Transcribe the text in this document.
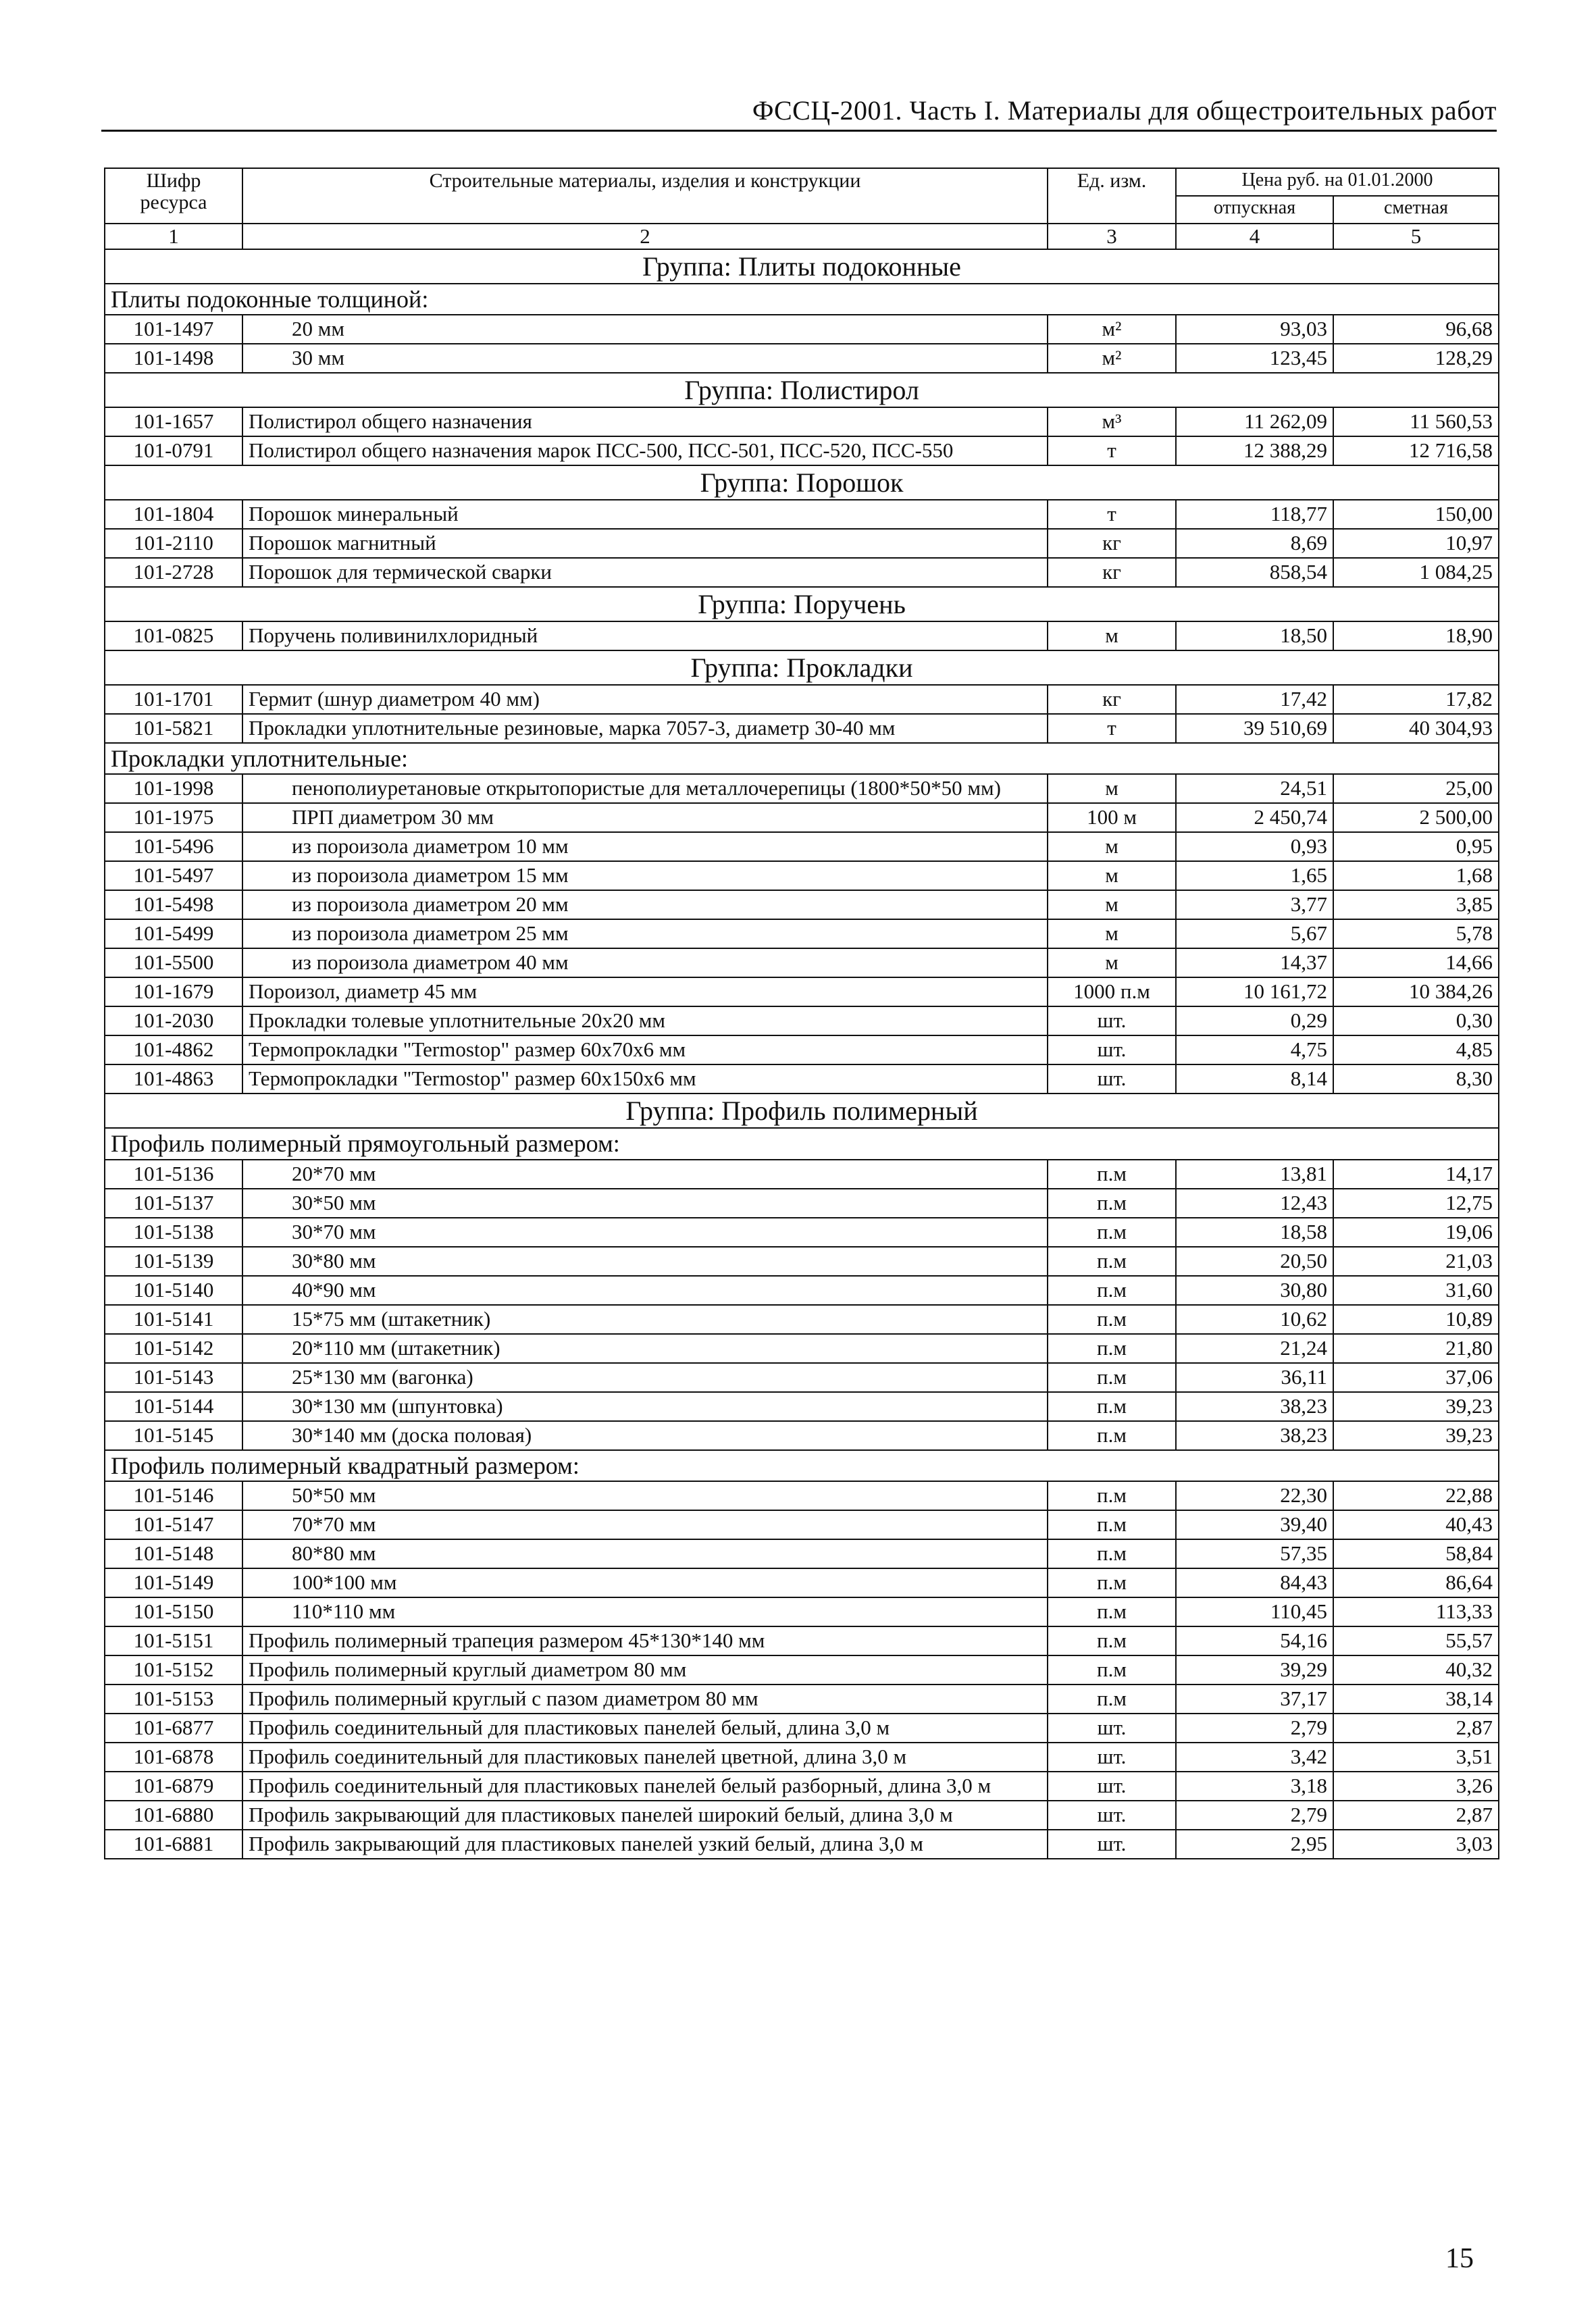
ФССЦ-2001. Часть I. Материалы для общестроительных работ
Шифр ресурса	Строительные материалы, изделия и конструкции	Ед. изм.	Цена руб. на 01.01.2000	
			отпускная	сметная
1	2	3	4	5
Группа: Плиты подоконные				
Плиты подоконные толщиной:				
101-1497	20 мм	м²	93,03	96,68
101-1498	30 мм	м²	123,45	128,29
Группа: Полистирол				
101-1657	Полистирол общего назначения	м³	11 262,09	11 560,53
101-0791	Полистирол общего назначения марок ПСС-500, ПСС-501, ПСС-520, ПСС-550	т	12 388,29	12 716,58
Группа: Порошок				
101-1804	Порошок минеральный	т	118,77	150,00
101-2110	Порошок магнитный	кг	8,69	10,97
101-2728	Порошок для термической сварки	кг	858,54	1 084,25
Группа: Поручень				
101-0825	Поручень поливинилхлоридный	м	18,50	18,90
Группа: Прокладки				
101-1701	Гермит (шнур диаметром 40 мм)	кг	17,42	17,82
101-5821	Прокладки уплотнительные резиновые, марка 7057-3, диаметр 30-40 мм	т	39 510,69	40 304,93
Прокладки уплотнительные:				
101-1998	пенополиуретановые открытопористые для металлочерепицы (1800*50*50 мм)	м	24,51	25,00
101-1975	ПРП диаметром 30 мм	100 м	2 450,74	2 500,00
101-5496	из пороизола диаметром 10 мм	м	0,93	0,95
101-5497	из пороизола диаметром 15 мм	м	1,65	1,68
101-5498	из пороизола диаметром 20 мм	м	3,77	3,85
101-5499	из пороизола диаметром 25 мм	м	5,67	5,78
101-5500	из пороизола диаметром 40 мм	м	14,37	14,66
101-1679	Пороизол, диаметр 45 мм	1000 п.м	10 161,72	10 384,26
101-2030	Прокладки толевые уплотнительные 20х20 мм	шт.	0,29	0,30
101-4862	Термопрокладки "Termostop" размер 60х70х6 мм	шт.	4,75	4,85
101-4863	Термопрокладки "Termostop" размер 60х150х6 мм	шт.	8,14	8,30
Группа: Профиль полимерный				
Профиль полимерный прямоугольный размером:				
101-5136	20*70 мм	п.м	13,81	14,17
101-5137	30*50 мм	п.м	12,43	12,75
101-5138	30*70 мм	п.м	18,58	19,06
101-5139	30*80 мм	п.м	20,50	21,03
101-5140	40*90 мм	п.м	30,80	31,60
101-5141	15*75 мм (штакетник)	п.м	10,62	10,89
101-5142	20*110 мм (штакетник)	п.м	21,24	21,80
101-5143	25*130 мм (вагонка)	п.м	36,11	37,06
101-5144	30*130 мм (шпунтовка)	п.м	38,23	39,23
101-5145	30*140 мм (доска половая)	п.м	38,23	39,23
Профиль полимерный квадратный размером:				
101-5146	50*50 мм	п.м	22,30	22,88
101-5147	70*70 мм	п.м	39,40	40,43
101-5148	80*80 мм	п.м	57,35	58,84
101-5149	100*100 мм	п.м	84,43	86,64
101-5150	110*110 мм	п.м	110,45	113,33
101-5151	Профиль полимерный трапеция размером 45*130*140 мм	п.м	54,16	55,57
101-5152	Профиль полимерный круглый диаметром 80 мм	п.м	39,29	40,32
101-5153	Профиль полимерный круглый с пазом диаметром 80 мм	п.м	37,17	38,14
101-6877	Профиль соединительный для пластиковых панелей белый, длина 3,0 м	шт.	2,79	2,87
101-6878	Профиль соединительный для пластиковых панелей цветной, длина 3,0 м	шт.	3,42	3,51
101-6879	Профиль соединительный для пластиковых панелей белый разборный, длина 3,0 м	шт.	3,18	3,26
101-6880	Профиль закрывающий для пластиковых панелей широкий белый, длина 3,0 м	шт.	2,79	2,87
101-6881	Профиль закрывающий для пластиковых панелей узкий белый, длина 3,0 м	шт.	2,95	3,03
15
